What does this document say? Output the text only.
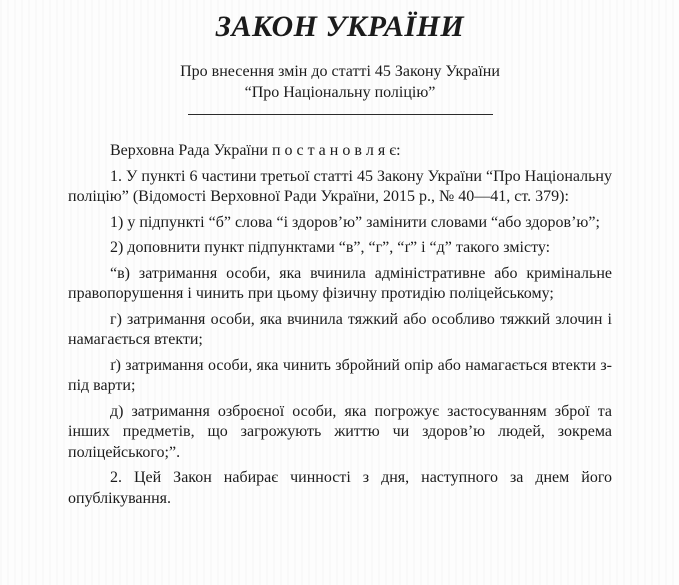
ЗАКОН УКРАЇНИ
Про внесення змін до статті 45 Закону України
“Про Національну поліцію”

Верховна Рада України п о с т а н о в л я є:

1. У пункті 6 частини третьої статті 45 Закону України “Про Національну поліцію” (Відомості Верховної Ради України, 2015 р., № 40—41, ст. 379):

1) у підпункті “б” слова “і здоров’ю” замінити словами “або здоров’ю”;

2) доповнити пункт підпунктами “в”, “г”, “ґ” і “д” такого змісту:

“в) затримання особи, яка вчинила адміністративне або кримінальне правопорушення і чинить при цьому фізичну протидію поліцейському;

г) затримання особи, яка вчинила тяжкий або особливо тяжкий злочин і намагається втекти;

ґ) затримання особи, яка чинить збройний опір або намагається втекти з-під варти;

д) затримання озброєної особи, яка погрожує застосуванням зброї та інших предметів, що загрожують життю чи здоров’ю людей, зокрема поліцейського;”.

2. Цей Закон набирає чинності з дня, наступного за днем його опублікування.
